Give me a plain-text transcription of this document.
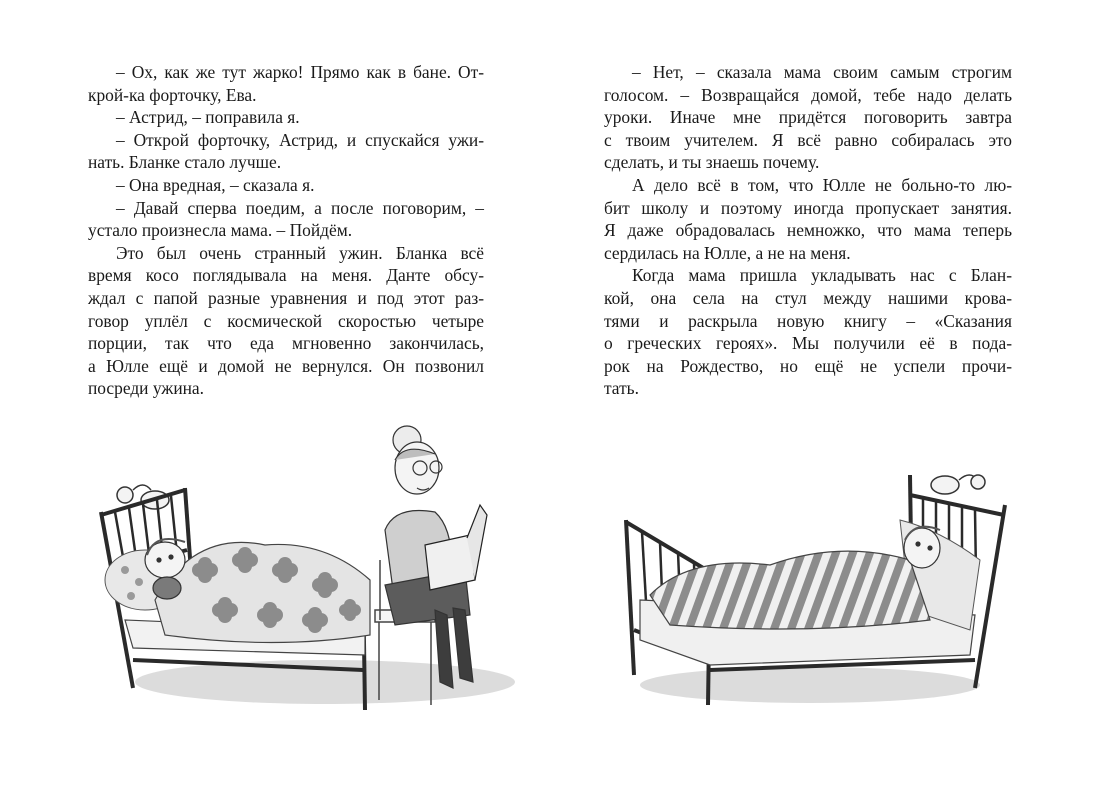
– Ох, как же тут жарко! Прямо как в бане. От-
крой-ка форточку, Ева.
– Астрид, – поправила я.
– Открой форточку, Астрид, и спускайся ужи-
нать. Бланке стало лучше.
– Она вредная, – сказала я.
– Давай сперва поедим, а после поговорим, –
устало произнесла мама. – Пойдём.
Это был очень странный ужин. Бланка всё
время косо поглядывала на меня. Данте обсу-
ждал с папой разные уравнения и под этот раз-
говор уплёл с космической скоростью четыре
порции, так что еда мгновенно закончилась,
а Юлле ещё и домой не вернулся. Он позвонил
посреди ужина.
– Нет, – сказала мама своим самым строгим
голосом. – Возвращайся домой, тебе надо делать
уроки. Иначе мне придётся поговорить завтра
с твоим учителем. Я всё равно собиралась это
сделать, и ты знаешь почему.
А дело всё в том, что Юлле не больно-то лю-
бит школу и поэтому иногда пропускает занятия.
Я даже обрадовалась немножко, что мама теперь
сердилась на Юлле, а не на меня.
Когда мама пришла укладывать нас с Блан-
кой, она села на стул между нашими крова-
тями и раскрыла новую книгу – «Сказания
о греческих героях». Мы получили её в пода-
рок на Рождество, но ещё не успели прочи-
тать.
